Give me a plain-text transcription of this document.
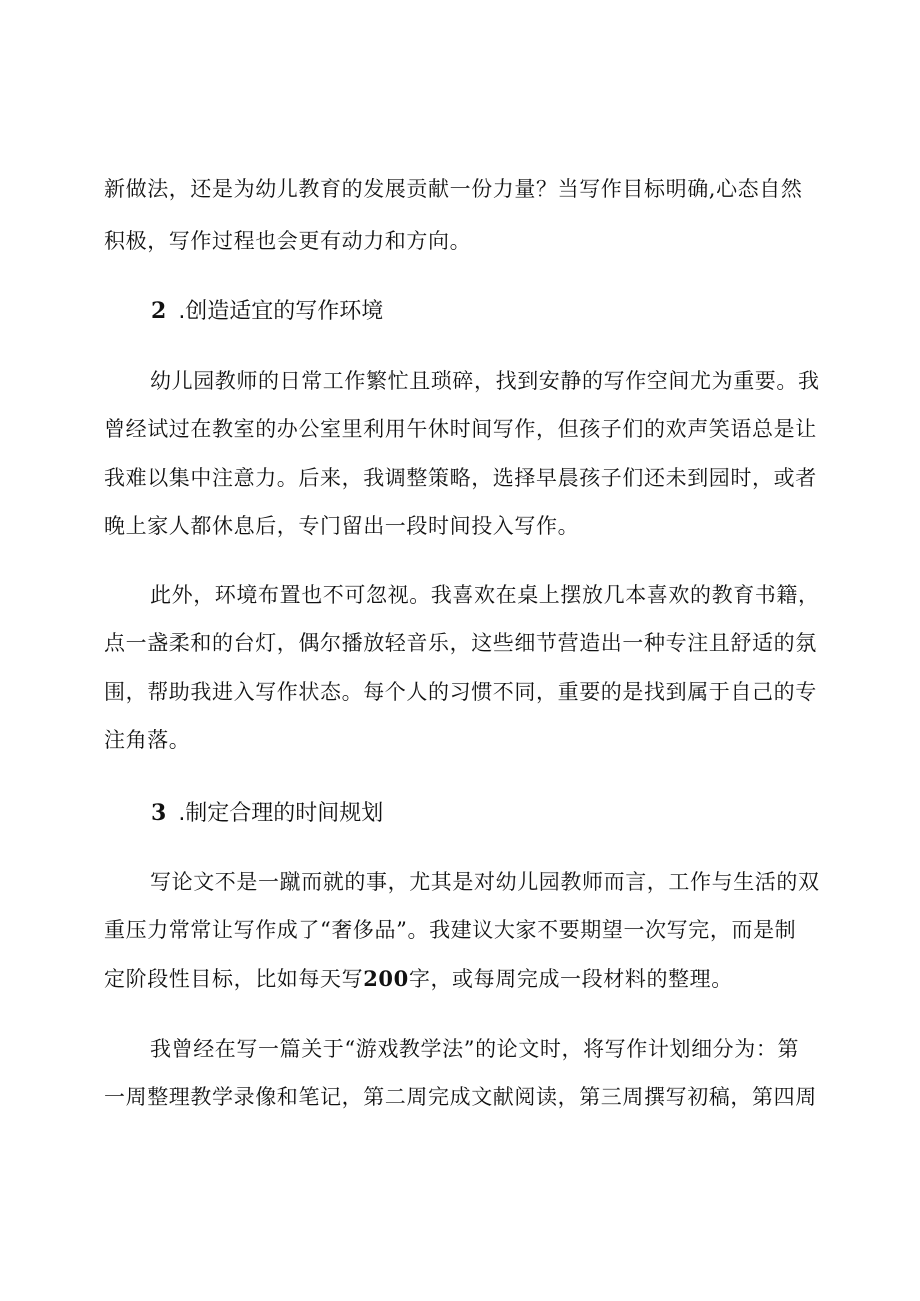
新做法，还是为幼儿教育的发展贡献一份力量？当写作目标明确,心态自然
积极，写作过程也会更有动力和方向。
2 .创造适宜的写作环境
幼儿园教师的日常工作繁忙且琐碎，找到安静的写作空间尤为重要。我
曾经试过在教室的办公室里利用午休时间写作，但孩子们的欢声笑语总是让
我难以集中注意力。后来，我调整策略，选择早晨孩子们还未到园时，或者
晚上家人都休息后，专门留出一段时间投入写作。
此外，环境布置也不可忽视。我喜欢在桌上摆放几本喜欢的教育书籍，
点一盏柔和的台灯，偶尔播放轻音乐，这些细节营造出一种专注且舒适的氛
围，帮助我进入写作状态。每个人的习惯不同，重要的是找到属于自己的专
注角落。
3 .制定合理的时间规划
写论文不是一蹴而就的事，尤其是对幼儿园教师而言，工作与生活的双
重压力常常让写作成了“奢侈品”。我建议大家不要期望一次写完，而是制
定阶段性目标，比如每天写200字，或每周完成一段材料的整理。
我曾经在写一篇关于“游戏教学法”的论文时，将写作计划细分为：第
一周整理教学录像和笔记，第二周完成文献阅读，第三周撰写初稿，第四周
